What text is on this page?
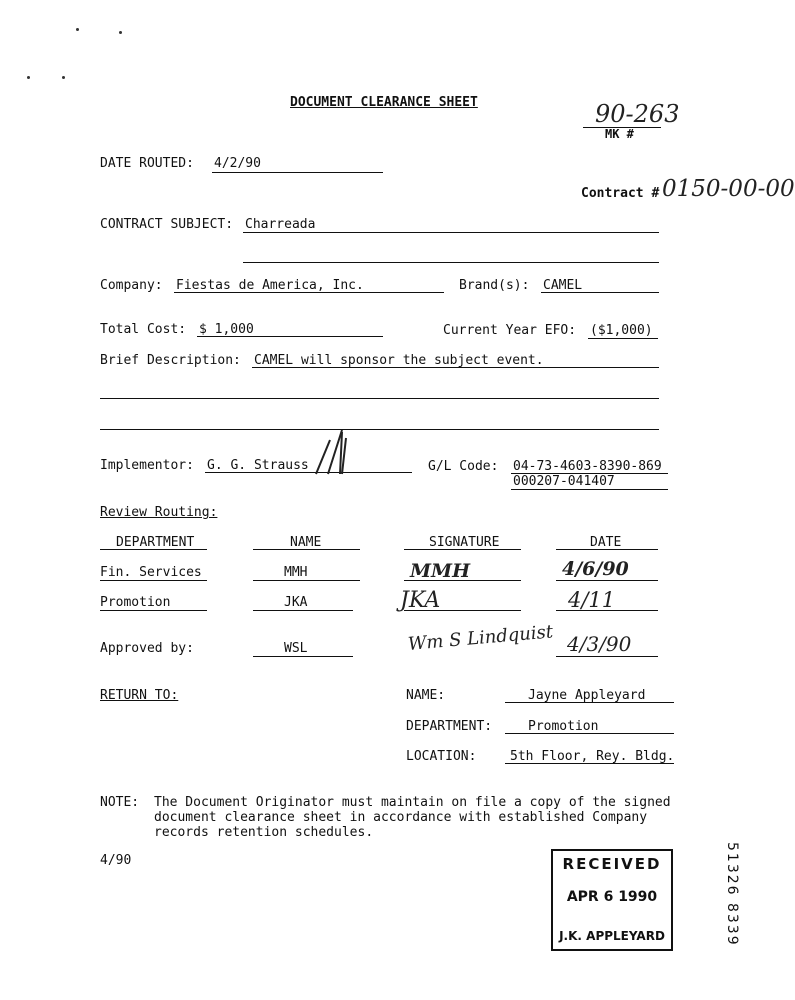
DOCUMENT CLEARANCE SHEET	90-263
MK #
Contract # 0150-00-00
DATE ROUTED: 4/2/90
CONTRACT SUBJECT: Charreada
Company: Fiestas de America, Inc.	Brand(s): CAMEL
Total Cost: $ 1,000	Current Year EFO: ($1,000)
Brief Description: CAMEL will sponsor the subject event.
Implementor: G. G. Strauss	G/L Code: 04-73-4603-8390-869
000207-041407
Review Routing:
DEPARTMENT	NAME	SIGNATURE	DATE
Fin. Services	MMH	MMH	4/6/90
Promotion	JKA	JKA	4/11
Approved by:	WSL	Wm S Lindquist 4/3/90
RETURN TO:	NAME:	Jayne Appleyard
DEPARTMENT:	Promotion
LOCATION:	5th Floor, Rey. Bldg.
NOTE: The Document Originator must maintain on file a copy of the signed
document clearance sheet in accordance with established Company
records retention schedules.
4/90	51326 8339
RECEIVED
APR 6 1990
J.K. APPLEYARD
